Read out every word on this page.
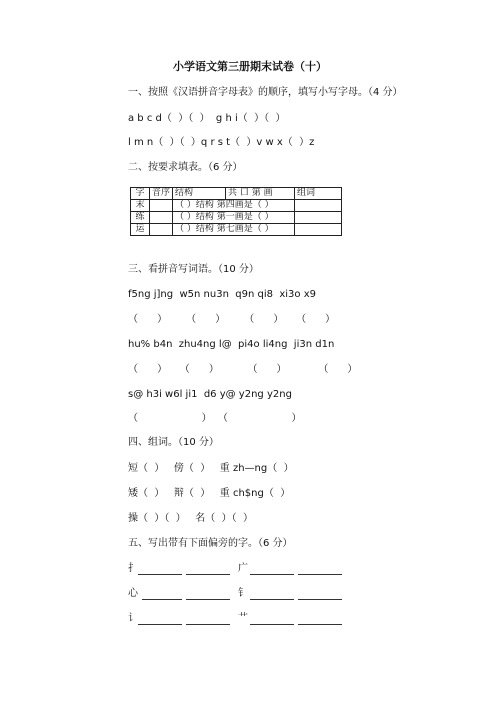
小学语文第三册期末试卷（十）
一、按照《汉语拼音字母表》的顺序，填写小写字母。（4 分）
a b c d（  ）（  ）  g h i（  ）（  ）
l m n（  ）（  ）q r s t（  ）v w x（  ）z
二、按要求填表。（6 分）
字	音序	结构	共 口 第 画	组词
末		（ ）结构 第四画是（ ）		
练		（ ）结构 第一画是（ ）		
运		（ ）结构 第七画是（ ）		
三、看拼音写词语。（10 分）
f5ng j]ng  w5n nu3n  q9n qi8  xi3o x9
（      ）      （      ）      （      ）    （      ）
hu% b4n  zhu4ng l@  pi4o li4ng  ji3n d1n
（      ）    （      ）         （      ）          （      ）
s@ h3i w6l ji1  d6 y@ y2ng y2ng
（                    ）  （                    ）
四、组词。（10 分）
短（  ）   傍（  ）   重 zh—ng（  ）
矮（  ）   辩（  ）   重 ch$ng（  ）
操（  ）（  ）   名（  ）（  ）
五、写出带有下面偏旁的字。（6 分）
扌	广
心	钅
讠	艹
